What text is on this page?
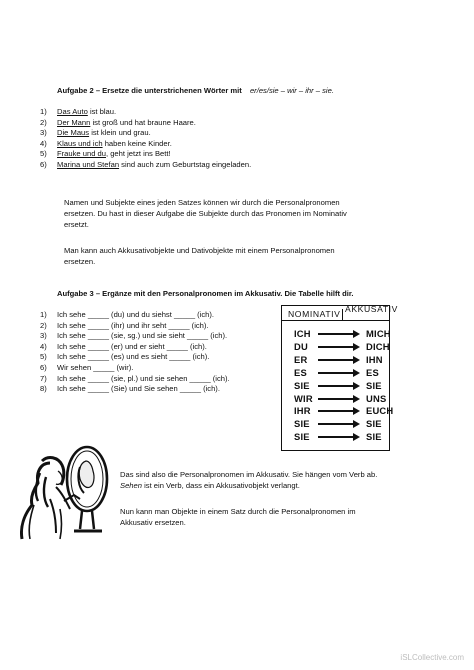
Aufgabe 2 – Ersetze die unterstrichenen Wörter mit er/es/sie – wir – ihr – sie.
1) Das Auto ist blau.
2) Der Mann ist groß und hat braune Haare.
3) Die Maus ist klein und grau.
4) Klaus und ich haben keine Kinder.
5) Frauke und du, geht jetzt ins Bett!
6) Marina und Stefan sind auch zum Geburtstag eingeladen.
Namen und Subjekte eines jeden Satzes können wir durch die Personalpronomen
ersetzen. Du hast in dieser Aufgabe die Subjekte durch das Pronomen im Nominativ
ersetzt.
Man kann auch Akkusativobjekte und Dativobjekte mit einem Personalpronomen
ersetzen.
Aufgabe 3 – Ergänze mit den Personalpronomen im Akkusativ. Die Tabelle hilft dir.
1) Ich sehe _____ (du) und du siehst _____ (ich).
2) Ich sehe _____ (ihr) und ihr seht _____ (ich).
3) Ich sehe _____ (sie, sg.) und sie sieht _____ (ich).
4) Ich sehe _____ (er) und er sieht _____ (ich).
5) Ich sehe _____ (es) und es sieht _____ (ich).
6) Wir sehen _____ (wir).
7) Ich sehe _____ (sie, pl.) und sie sehen _____ (ich).
8) Ich sehe _____ (Sie) und Sie sehen _____ (ich).
NOMINATIV AKKUSATIV
ICH	MICH
DU	DICH
ER	IHN
ES	ES
SIE	SIE
WIR	UNS
IHR	EUCH
SIE	SIE
SIE	SIE
Das sind also die Personalpronomen im Akkusativ. Sie hängen vom Verb ab.
Sehen ist ein Verb, dass ein Akkusativobjekt verlangt.
Nun kann man Objekte in einem Satz durch die Personalpronomen im
Akkusativ ersetzen.
iSLCollective.com
